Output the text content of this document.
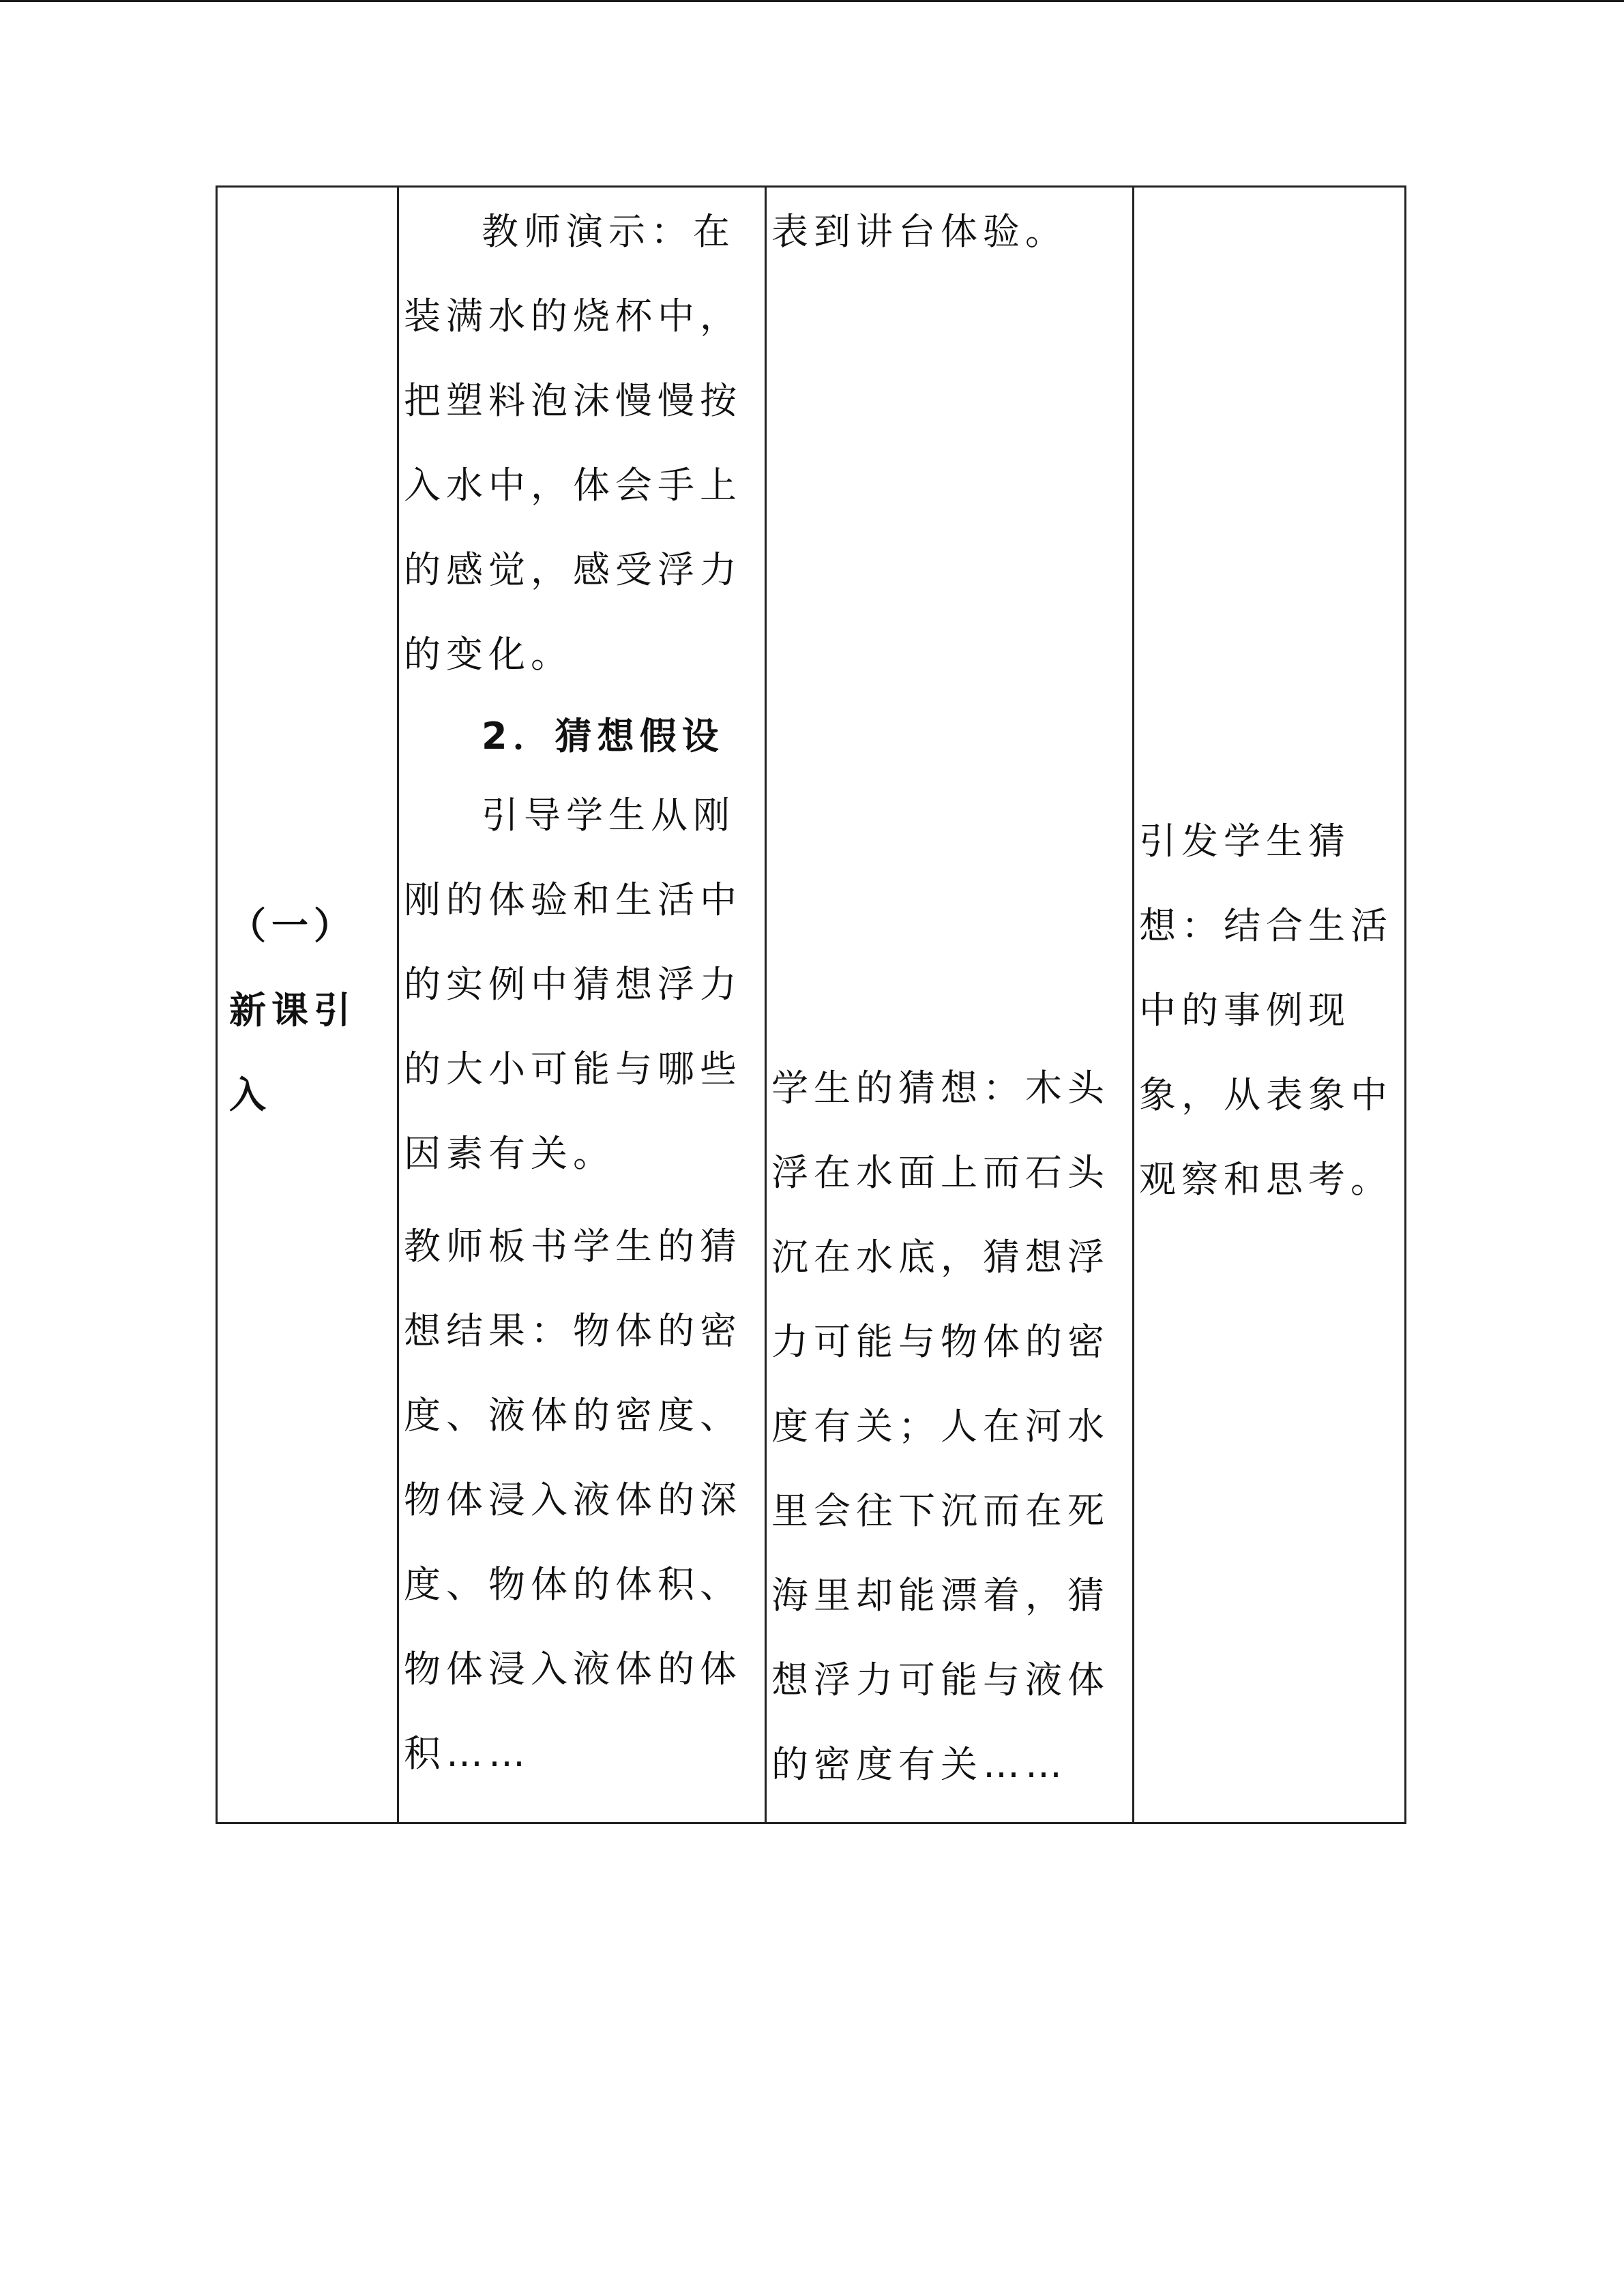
（一）
新课引
入
教师演示：在
装满水的烧杯中，
把塑料泡沫慢慢按
入水中，体会手上
的感觉，感受浮力
的变化。
2．猜想假设
引导学生从刚
刚的体验和生活中
的实例中猜想浮力
的大小可能与哪些
因素有关。
教师板书学生的猜
想结果：物体的密
度、液体的密度、
物体浸入液体的深
度、物体的体积、
物体浸入液体的体
积……
表到讲台体验。
学生的猜想：木头
浮在水面上而石头
沉在水底，猜想浮
力可能与物体的密
度有关；人在河水
里会往下沉而在死
海里却能漂着，猜
想浮力可能与液体
的密度有关……
引发学生猜
想：结合生活
中的事例现
象，从表象中
观察和思考。
